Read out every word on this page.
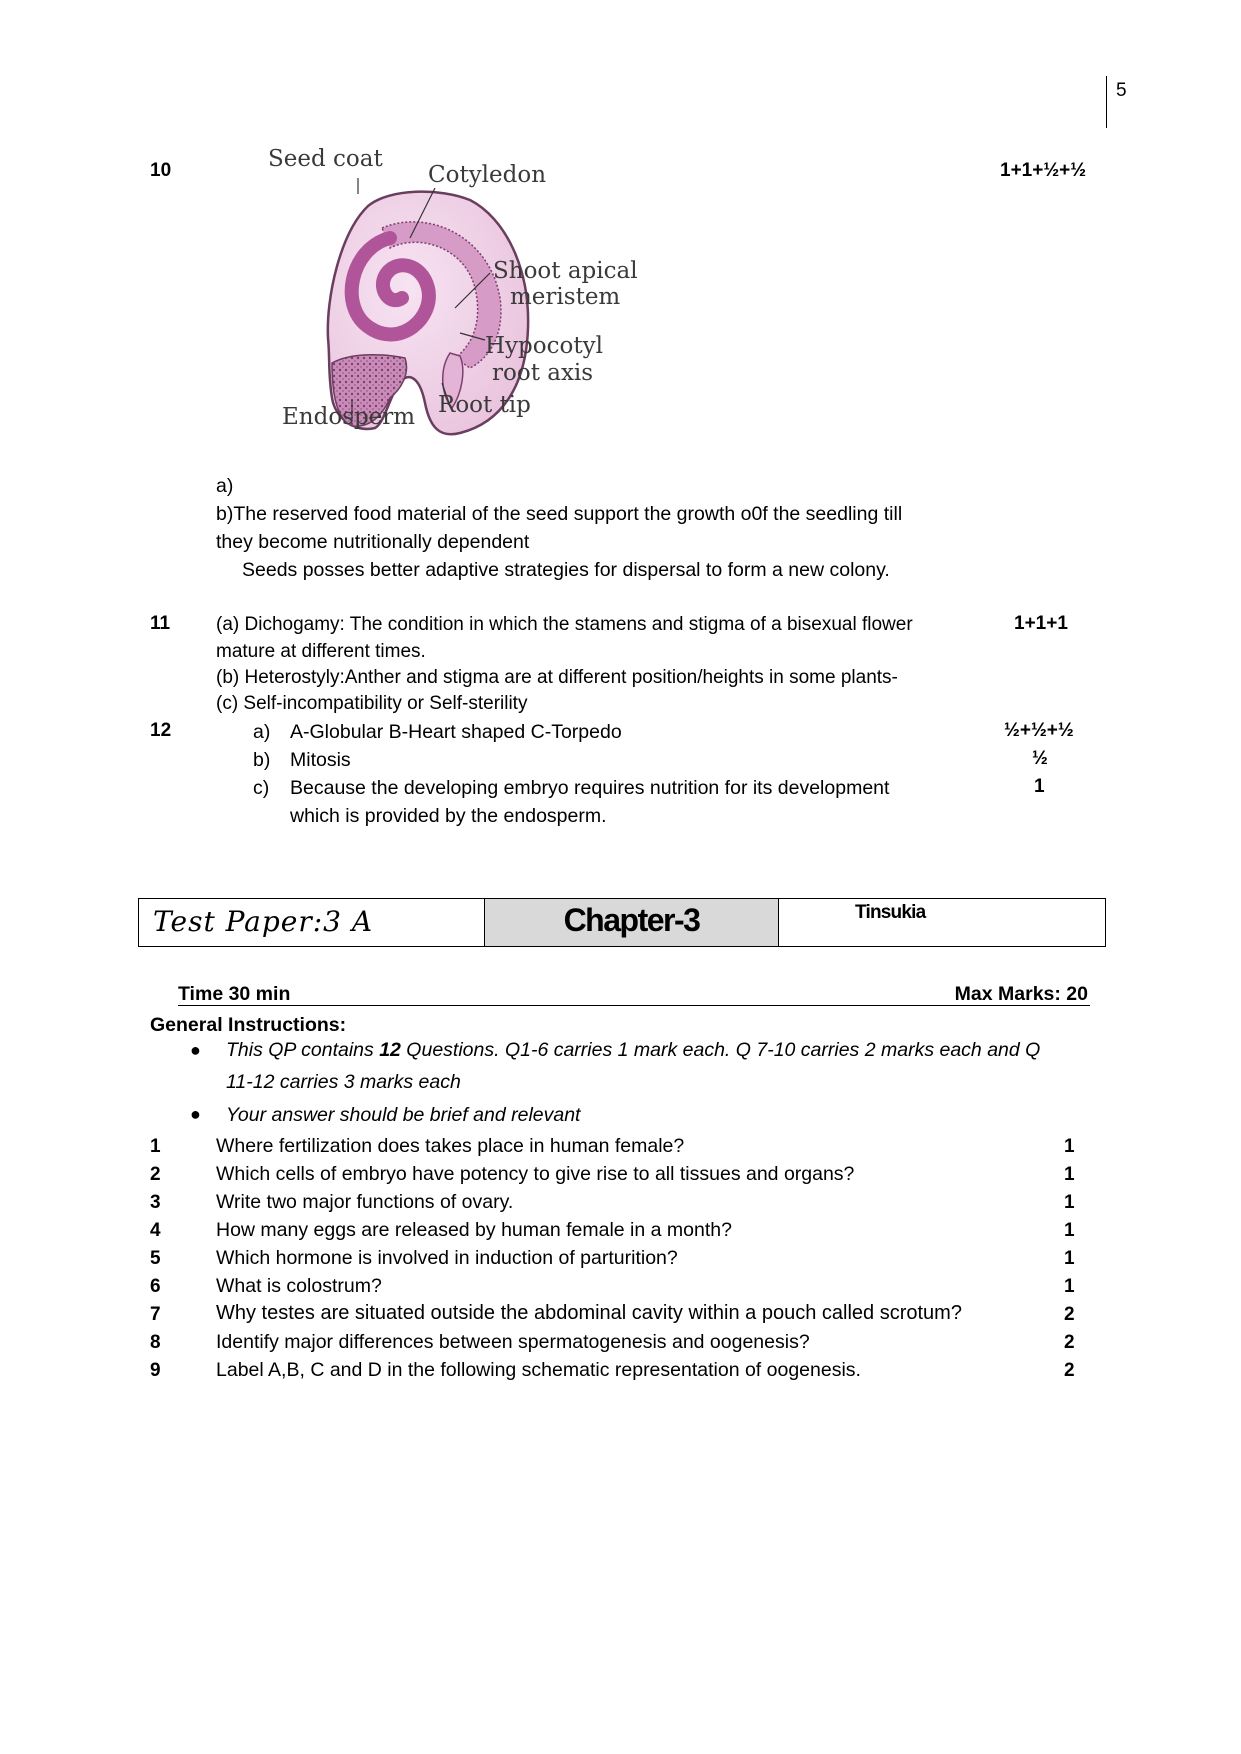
5
10	1+1+½+½
Seed coat
Cotyledon
Shoot apical
meristem
Hypocotyl
root axis
Root tip
Endosperm
a)
b)The reserved food material of the seed support the growth o0f the seedling till
they become nutritionally dependent
Seeds posses better adaptive strategies for dispersal to form a new colony.
11	1+1+1
(a) Dichogamy: The condition in which the stamens and stigma of a bisexual flower
mature at different times.
(b) Heterostyly:Anther and stigma are at different position/heights in some plants-
(c) Self-incompatibility or Self-sterility
12	a) A-Globular B-Heart shaped C-Torpedo	½+½+½
b) Mitosis	½
c) Because the developing embryo requires nutrition for its development	1
which is provided by the endosperm.
Test Paper:3 A	Chapter-3	Tinsukia
Time 30 min	Max Marks: 20
General Instructions:
● This QP contains 12 Questions. Q1-6 carries 1 mark each. Q 7-10 carries 2 marks each and Q
11-12 carries 3 marks each
● Your answer should be brief and relevant
1	Where fertilization does takes place in human female?	1
2	Which cells of embryo have potency to give rise to all tissues and organs?	1
3	Write two major functions of ovary.	1
4	How many eggs are released by human female in a month?	1
5	Which hormone is involved in induction of parturition?	1
6	What is colostrum?	1
7	Why testes are situated outside the abdominal cavity within a pouch called scrotum?	2
8	Identify major differences between spermatogenesis and oogenesis?	2
9	Label A,B, C and D in the following schematic representation of oogenesis.	2
